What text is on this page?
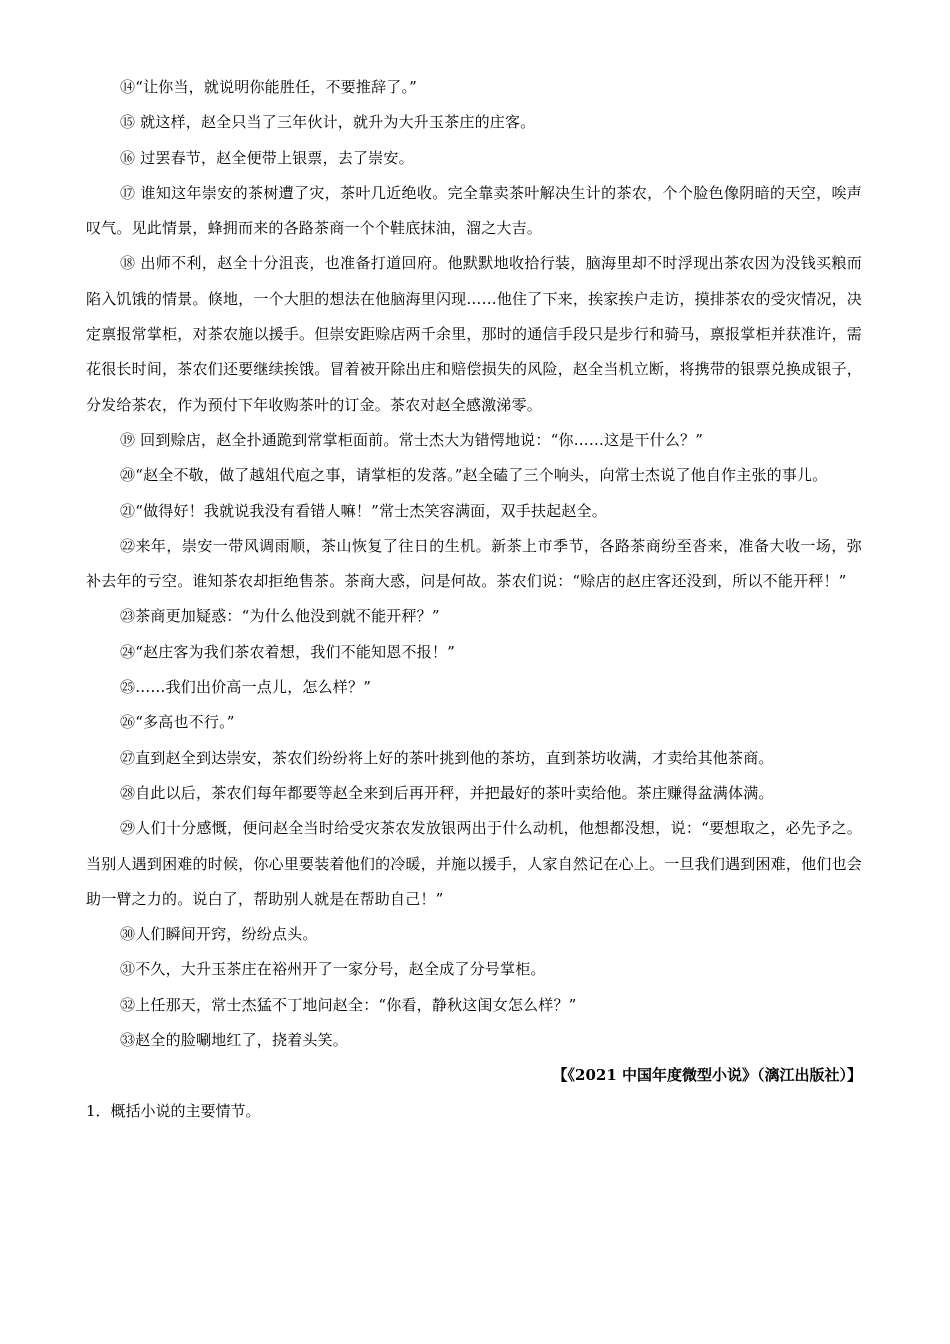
⑭“让你当，就说明你能胜任，不要推辞了。”

⑮ 就这样，赵全只当了三年伙计，就升为大升玉茶庄的庄客。

⑯ 过罢春节，赵全便带上银票，去了崇安。

⑰ 谁知这年崇安的茶树遭了灾，茶叶几近绝收。完全靠卖茶叶解决生计的茶农，个个脸色像阴暗的天空，唉声叹气。见此情景，蜂拥而来的各路茶商一个个鞋底抹油，溜之大吉。

⑱ 出师不利，赵全十分沮丧，也准备打道回府。他默默地收拾行装，脑海里却不时浮现出茶农因为没钱买粮而陷入饥饿的情景。倏地，一个大胆的想法在他脑海里闪现……他住了下来，挨家挨户走访，摸排茶农的受灾情况，决定禀报常掌柜，对茶农施以援手。但崇安距赊店两千余里，那时的通信手段只是步行和骑马，禀报掌柜并获准许，需花很长时间，茶农们还要继续挨饿。冒着被开除出庄和赔偿损失的风险，赵全当机立断，将携带的银票兑换成银子，分发给茶农，作为预付下年收购茶叶的订金。茶农对赵全感激涕零。

⑲ 回到赊店，赵全扑通跪到常掌柜面前。常士杰大为错愕地说：“你……这是干什么？”

⑳“赵全不敬，做了越俎代庖之事，请掌柜的发落。”赵全磕了三个响头，向常士杰说了他自作主张的事儿。

㉑“做得好！我就说我没有看错人嘛！”常士杰笑容满面，双手扶起赵全。

㉒来年，崇安一带风调雨顺，茶山恢复了往日的生机。新茶上市季节，各路茶商纷至沓来，准备大收一场，弥补去年的亏空。谁知茶农却拒绝售茶。茶商大惑，问是何故。茶农们说：“赊店的赵庄客还没到，所以不能开秤！”

㉓茶商更加疑惑：“为什么他没到就不能开秤？”

㉔“赵庄客为我们茶农着想，我们不能知恩不报！”

㉕……我们出价高一点儿，怎么样？”

㉖“多高也不行。”

㉗直到赵全到达崇安，茶农们纷纷将上好的茶叶挑到他的茶坊，直到茶坊收满，才卖给其他茶商。

㉘自此以后，茶农们每年都要等赵全来到后再开秤，并把最好的茶叶卖给他。茶庄赚得盆满体满。

㉙人们十分感慨，便问赵全当时给受灾茶农发放银两出于什么动机，他想都没想，说：“要想取之，必先予之。当别人遇到困难的时候，你心里要装着他们的冷暖，并施以援手，人家自然记在心上。一旦我们遇到困难，他们也会助一臂之力的。说白了，帮助别人就是在帮助自己！”

㉚人们瞬间开窍，纷纷点头。

㉛不久，大升玉茶庄在裕州开了一家分号，赵全成了分号掌柜。

㉜上任那天，常士杰猛不丁地问赵全：“你看，静秋这闺女怎么样？”

㉝赵全的脸唰地红了，挠着头笑。

【《2021 中国年度微型小说》（漓江出版社）】

1．概括小说的主要情节。
